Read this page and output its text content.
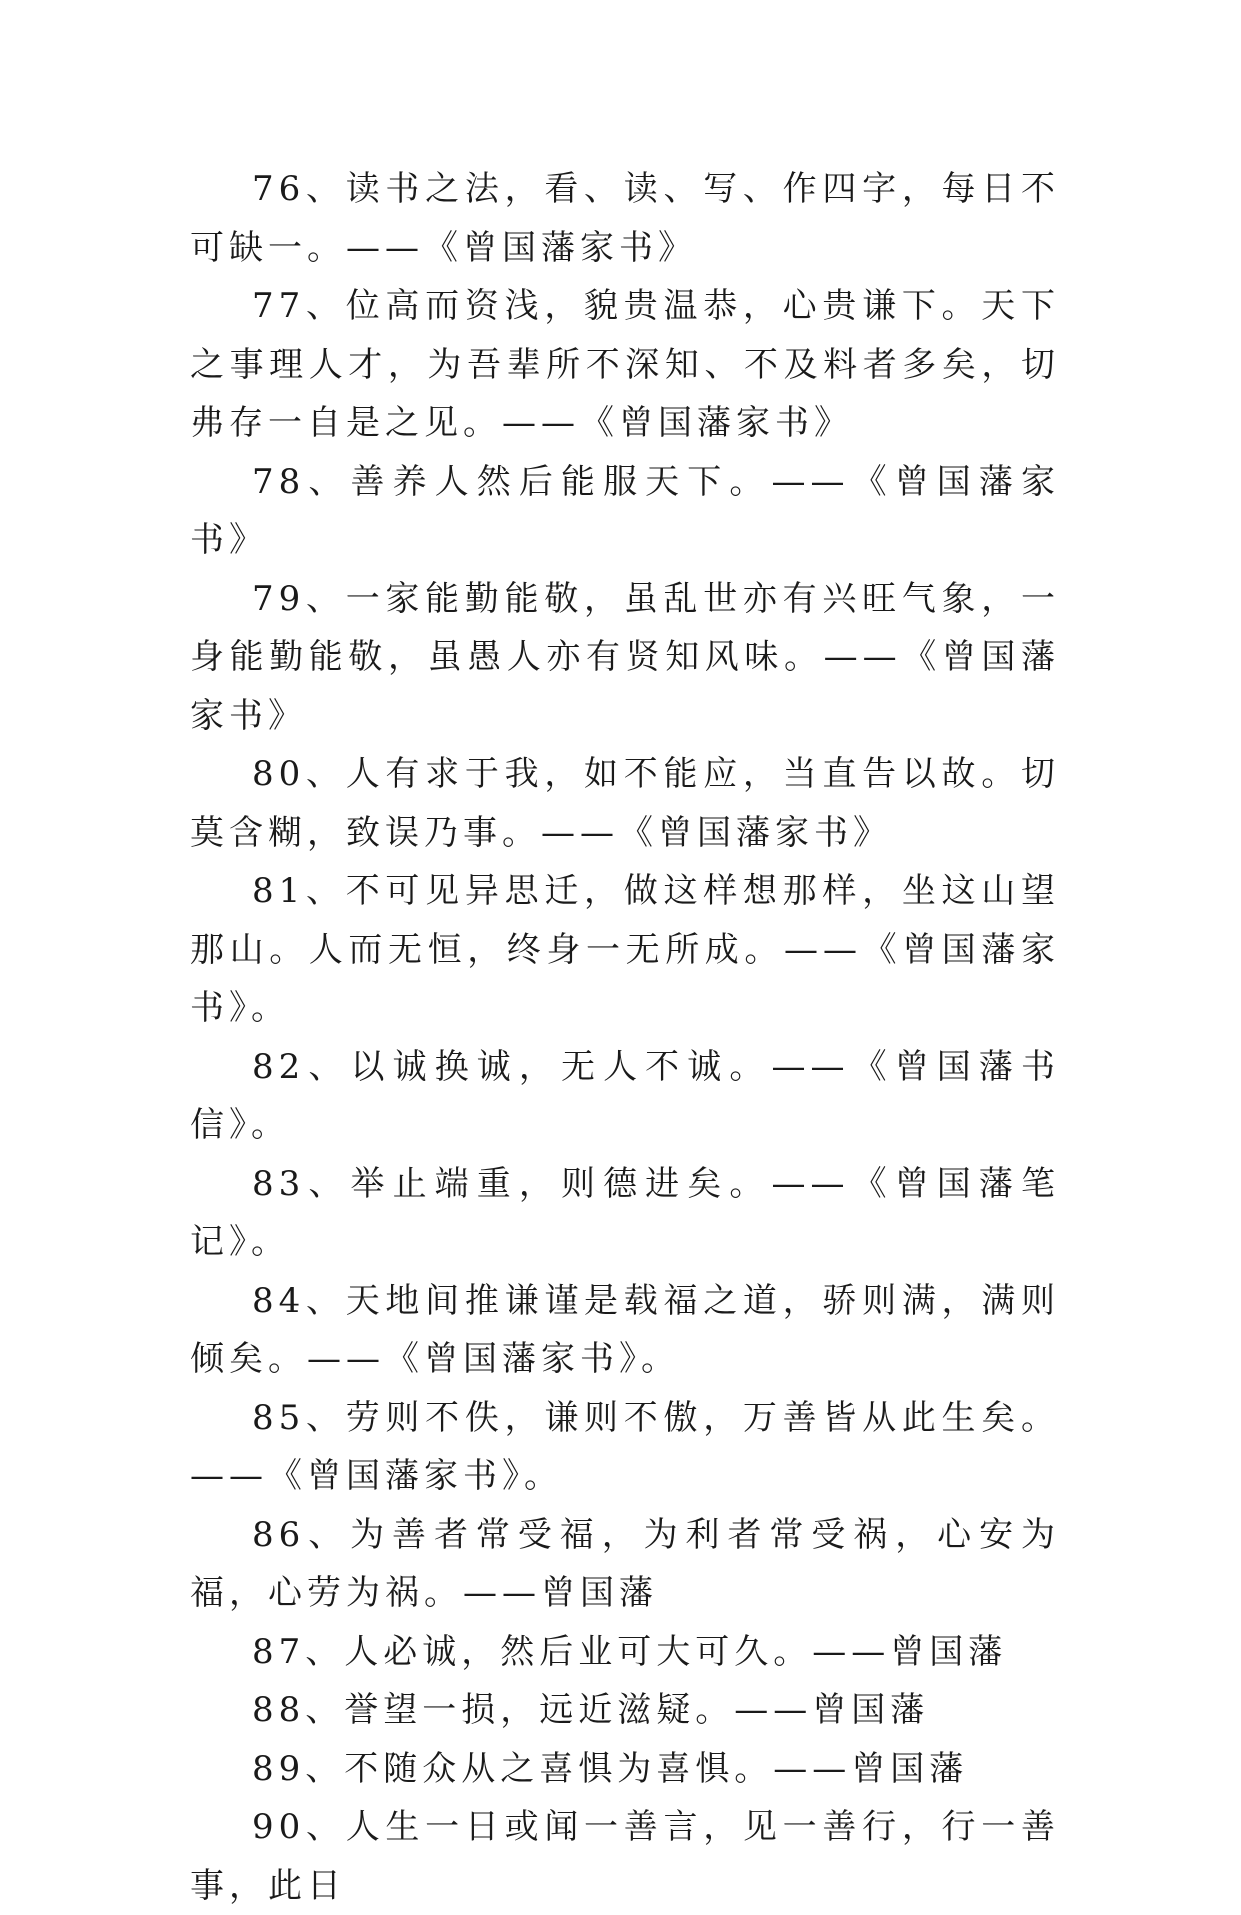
76、读书之法，看、读、写、作四字，每日不可缺一。——《曾国藩家书》

77、位高而资浅，貌贵温恭，心贵谦下。天下之事理人才，为吾辈所不深知、不及料者多矣，切弗存一自是之见。——《曾国藩家书》

78、善养人然后能服天下。——《曾国藩家书》

79、一家能勤能敬，虽乱世亦有兴旺气象，一身能勤能敬，虽愚人亦有贤知风味。——《曾国藩家书》

80、人有求于我，如不能应，当直告以故。切莫含糊，致误乃事。——《曾国藩家书》

81、不可见异思迁，做这样想那样，坐这山望那山。人而无恒，终身一无所成。——《曾国藩家书》。

82、以诚换诚，无人不诚。——《曾国藩书信》。

83、举止端重，则德进矣。——《曾国藩笔记》。

84、天地间推谦谨是载福之道，骄则满，满则倾矣。——《曾国藩家书》。

85、劳则不佚，谦则不傲，万善皆从此生矣。——《曾国藩家书》。

86、为善者常受福，为利者常受祸，心安为福，心劳为祸。——曾国藩

87、人必诚，然后业可大可久。——曾国藩

88、誉望一损，远近滋疑。——曾国藩

89、不随众从之喜惧为喜惧。——曾国藩

90、人生一日或闻一善言，见一善行，行一善事，此日
